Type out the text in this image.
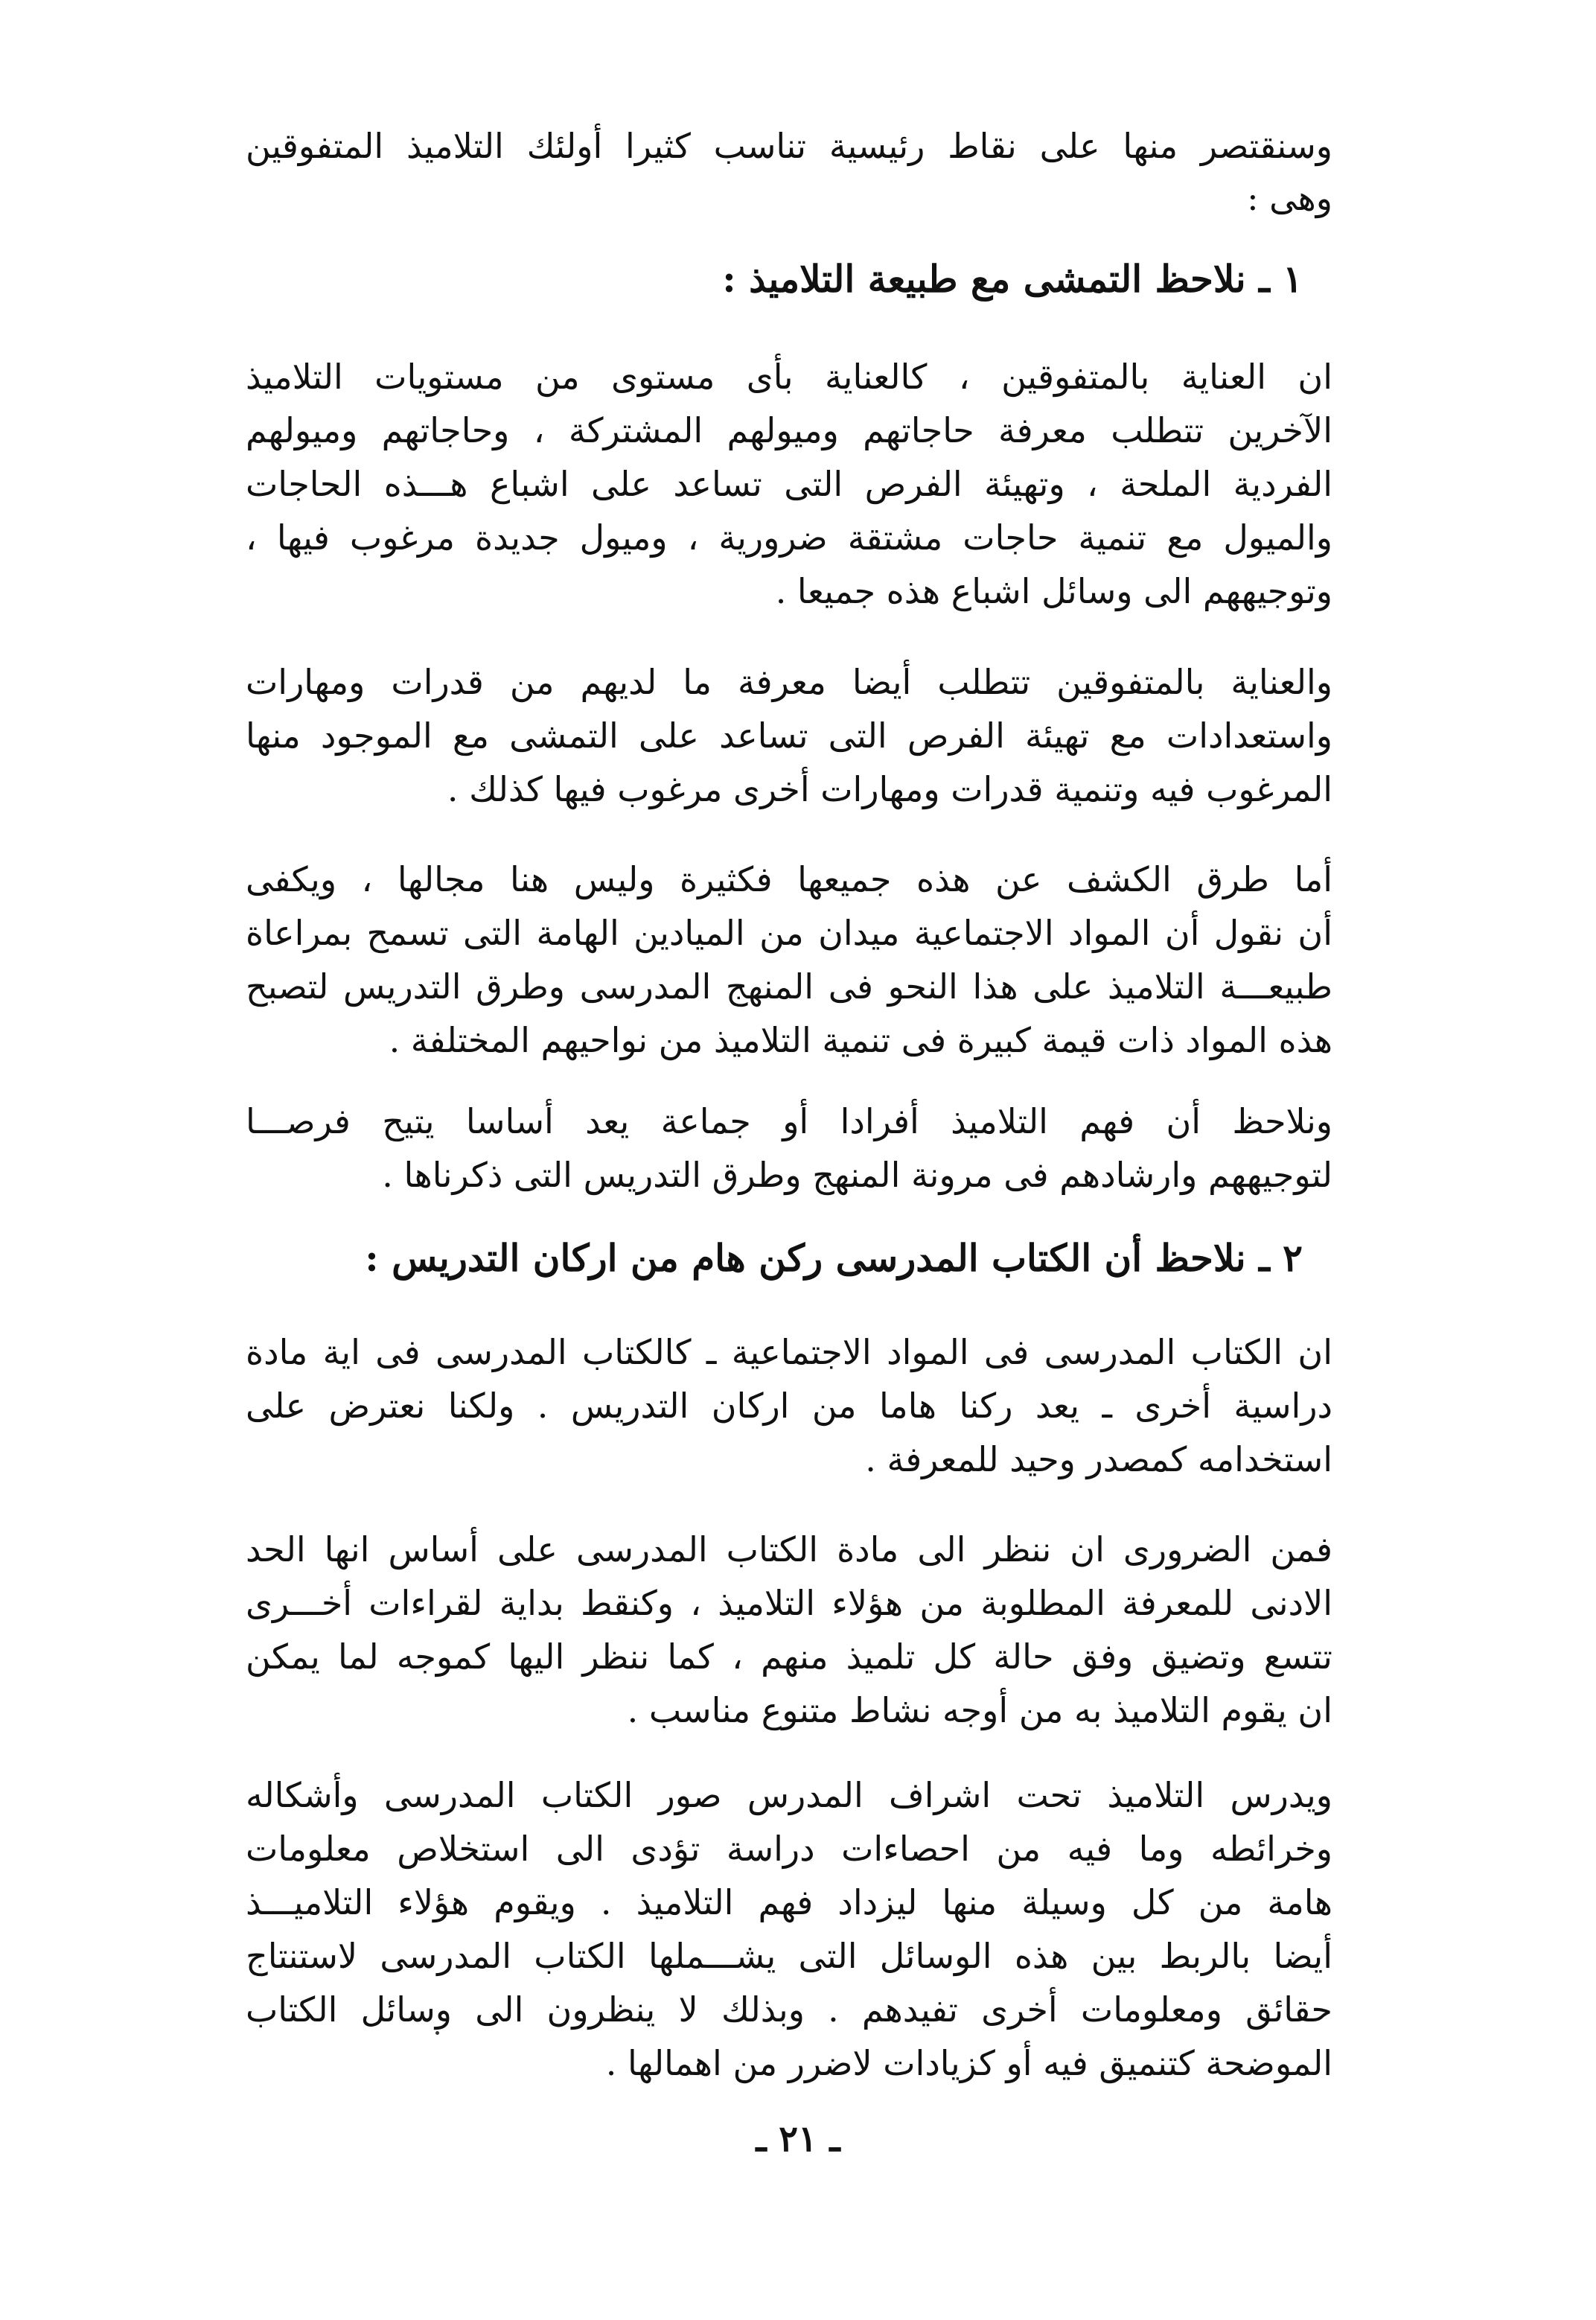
وسنقتصر منها على نقاط رئيسية تناسب كثيرا أولئك التلاميذ المتفوقين
وهى :
١ ـ نلاحظ التمشى مع طبيعة التلاميذ :
ان العناية بالمتفوقين ، كالعناية بأى مستوى من مستويات التلاميذ
الآخرين تتطلب معرفة حاجاتهم وميولهم المشتركة ، وحاجاتهم وميولهم
الفردية الملحة ، وتهيئة الفرص التى تساعد على اشباع هـــذه الحاجات
والميول مع تنمية حاجات مشتقة ضرورية ، وميول جديدة مرغوب فيها ،
وتوجيههم الى وسائل اشباع هذه جميعا .
والعناية بالمتفوقين تتطلب أيضا معرفة ما لديهم من قدرات ومهارات
واستعدادات مع تهيئة الفرص التى تساعد على التمشى مع الموجود منها
المرغوب فيه وتنمية قدرات ومهارات أخرى مرغوب فيها كذلك .
أما طرق الكشف عن هذه جميعها فكثيرة وليس هنا مجالها ، ويكفى
أن نقول أن المواد الاجتماعية ميدان من الميادين الهامة التى تسمح بمراعاة
طبيعـــة التلاميذ على هذا النحو فى المنهج المدرسى وطرق التدريس لتصبح
هذه المواد ذات قيمة كبيرة فى تنمية التلاميذ من نواحيهم المختلفة .
ونلاحظ أن فهم التلاميذ أفرادا أو جماعة يعد أساسا يتيح فرصـــا
لتوجيههم وارشادهم فى مرونة المنهج وطرق التدريس التى ذكرناها .
٢ ـ نلاحظ أن الكتاب المدرسى ركن هام من اركان التدريس :
ان الكتاب المدرسى فى المواد الاجتماعية ـ كالكتاب المدرسى فى اية مادة
دراسية أخرى ـ يعد ركنا هاما من اركان التدريس . ولكنا نعترض على
استخدامه كمصدر وحيد للمعرفة .
فمن الضرورى ان ننظر الى مادة الكتاب المدرسى على أساس انها الحد
الادنى للمعرفة المطلوبة من هؤلاء التلاميذ ، وكنقط بداية لقراءات أخـــرى
تتسع وتضيق وفق حالة كل تلميذ منهم ، كما ننظر اليها كموجه لما يمكن
ان يقوم التلاميذ به من أوجه نشاط متنوع مناسب .
ويدرس التلاميذ تحت اشراف المدرس صور الكتاب المدرسى وأشكاله
وخرائطه وما فيه من احصاءات دراسة تؤدى الى استخلاص معلومات
هامة من كل وسيلة منها ليزداد فهم التلاميذ . ويقوم هؤلاء التلاميـــذ
أيضا بالربط بين هذه الوسائل التى يشـــملها الكتاب المدرسى لاستنتاج
حقائق ومعلومات أخرى تفيدهم . وبذلك لا ينظرون الى وسائل الكتاب
الموضحة كتنميق فيه أو كزيادات لاضرر من اهمالها .
ـ ٢١ ـ
